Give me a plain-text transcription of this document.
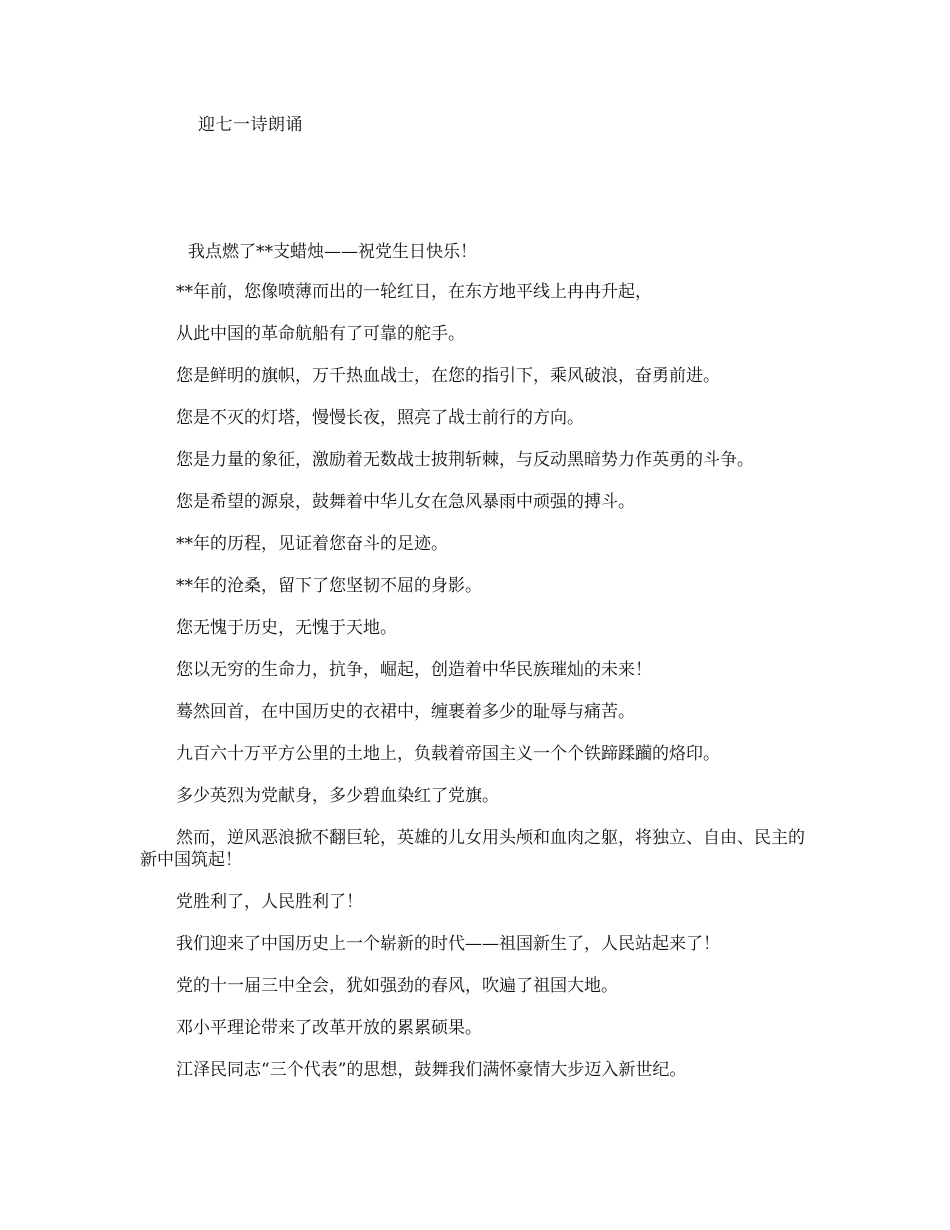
迎七一诗朗诵
我点燃了**支蜡烛——祝党生日快乐！

**年前，您像喷薄而出的一轮红日，在东方地平线上冉冉升起，

从此中国的革命航船有了可靠的舵手。

您是鲜明的旗帜，万千热血战士，在您的指引下，乘风破浪，奋勇前进。

您是不灭的灯塔，慢慢长夜，照亮了战士前行的方向。

您是力量的象征，激励着无数战士披荆斩棘，与反动黑暗势力作英勇的斗争。

您是希望的源泉，鼓舞着中华儿女在急风暴雨中顽强的搏斗。

**年的历程，见证着您奋斗的足迹。

**年的沧桑，留下了您坚韧不屈的身影。

您无愧于历史，无愧于天地。

您以无穷的生命力，抗争，崛起，创造着中华民族璀灿的未来！

蓦然回首，在中国历史的衣裙中，缠裹着多少的耻辱与痛苦。

九百六十万平方公里的土地上，负载着帝国主义一个个铁蹄蹂躏的烙印。

多少英烈为党献身，多少碧血染红了党旗。

然而，逆风恶浪掀不翻巨轮，英雄的儿女用头颅和血肉之躯，将独立、自由、民主的新中国筑起！

党胜利了，人民胜利了！

我们迎来了中国历史上一个崭新的时代——祖国新生了，人民站起来了！

党的十一届三中全会，犹如强劲的春风，吹遍了祖国大地。

邓小平理论带来了改革开放的累累硕果。

江泽民同志“三个代表”的思想，鼓舞我们满怀豪情大步迈入新世纪。
